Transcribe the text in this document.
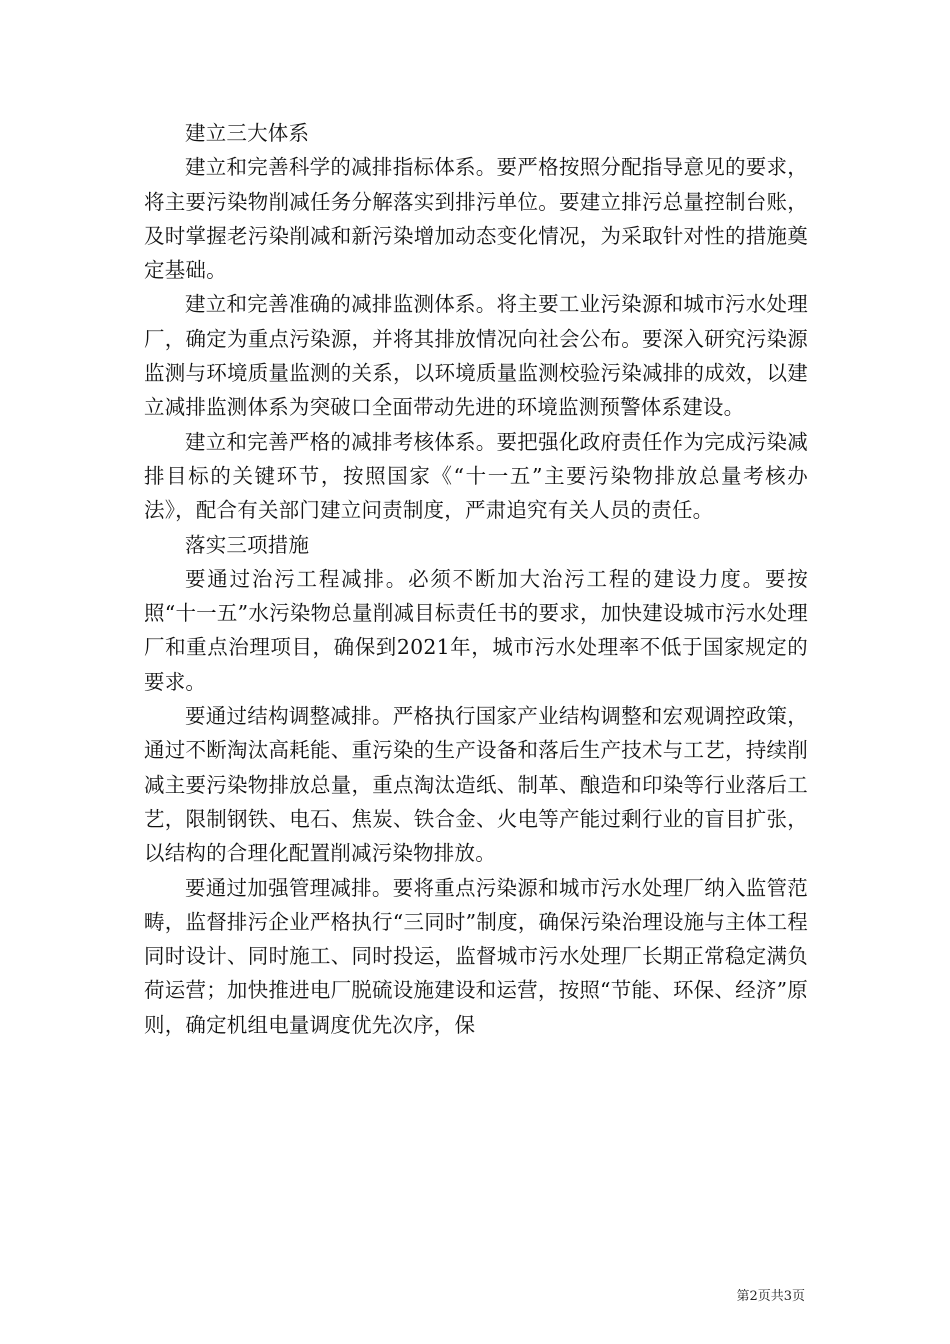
建立三大体系

建立和完善科学的减排指标体系。要严格按照分配指导意见的要求，将主要污染物削减任务分解落实到排污单位。要建立排污总量控制台账，及时掌握老污染削减和新污染增加动态变化情况，为采取针对性的措施奠定基础。

建立和完善准确的减排监测体系。将主要工业污染源和城市污水处理厂，确定为重点污染源，并将其排放情况向社会公布。要深入研究污染源监测与环境质量监测的关系，以环境质量监测校验污染减排的成效，以建立减排监测体系为突破口全面带动先进的环境监测预警体系建设。

建立和完善严格的减排考核体系。要把强化政府责任作为完成污染减排目标的关键环节，按照国家《“十一五”主要污染物排放总量考核办法》，配合有关部门建立问责制度，严肃追究有关人员的责任。

落实三项措施

要通过治污工程减排。必须不断加大治污工程的建设力度。要按照“十一五”水污染物总量削减目标责任书的要求，加快建设城市污水处理厂和重点治理项目，确保到2021年，城市污水处理率不低于国家规定的要求。

要通过结构调整减排。严格执行国家产业结构调整和宏观调控政策，通过不断淘汰高耗能、重污染的生产设备和落后生产技术与工艺，持续削减主要污染物排放总量，重点淘汰造纸、制革、酿造和印染等行业落后工艺，限制钢铁、电石、焦炭、铁合金、火电等产能过剩行业的盲目扩张，以结构的合理化配置削减污染物排放。

要通过加强管理减排。要将重点污染源和城市污水处理厂纳入监管范畴，监督排污企业严格执行“三同时”制度，确保污染治理设施与主体工程同时设计、同时施工、同时投运，监督城市污水处理厂长期正常稳定满负荷运营；加快推进电厂脱硫设施建设和运营，按照“节能、环保、经济”原则，确定机组电量调度优先次序，保

第2页共3页
